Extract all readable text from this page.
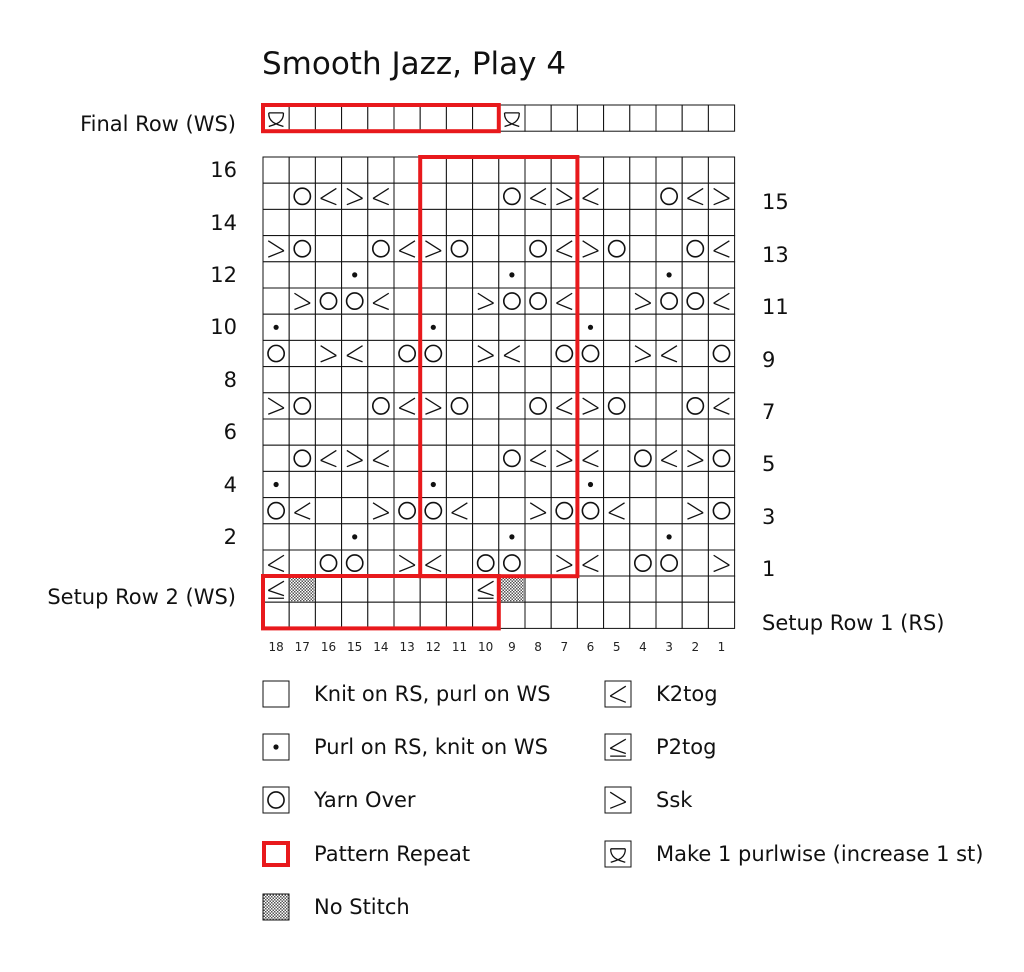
Smooth Jazz, Play 4
Final Row (WS)
Setup Row 2 (WS)
Setup Row 1 (RS)
16
14
12
10
8
6
4
2
15
13
11
9
7
5
3
1
18 17 16 15 14 13 12 11 10 9 8 7 6 5 4 3 2 1
Knit on RS, purl on WS
Purl on RS, knit on WS
Yarn Over
Pattern Repeat
No Stitch
K2tog
P2tog
Ssk
Make 1 purlwise (increase 1 st)
